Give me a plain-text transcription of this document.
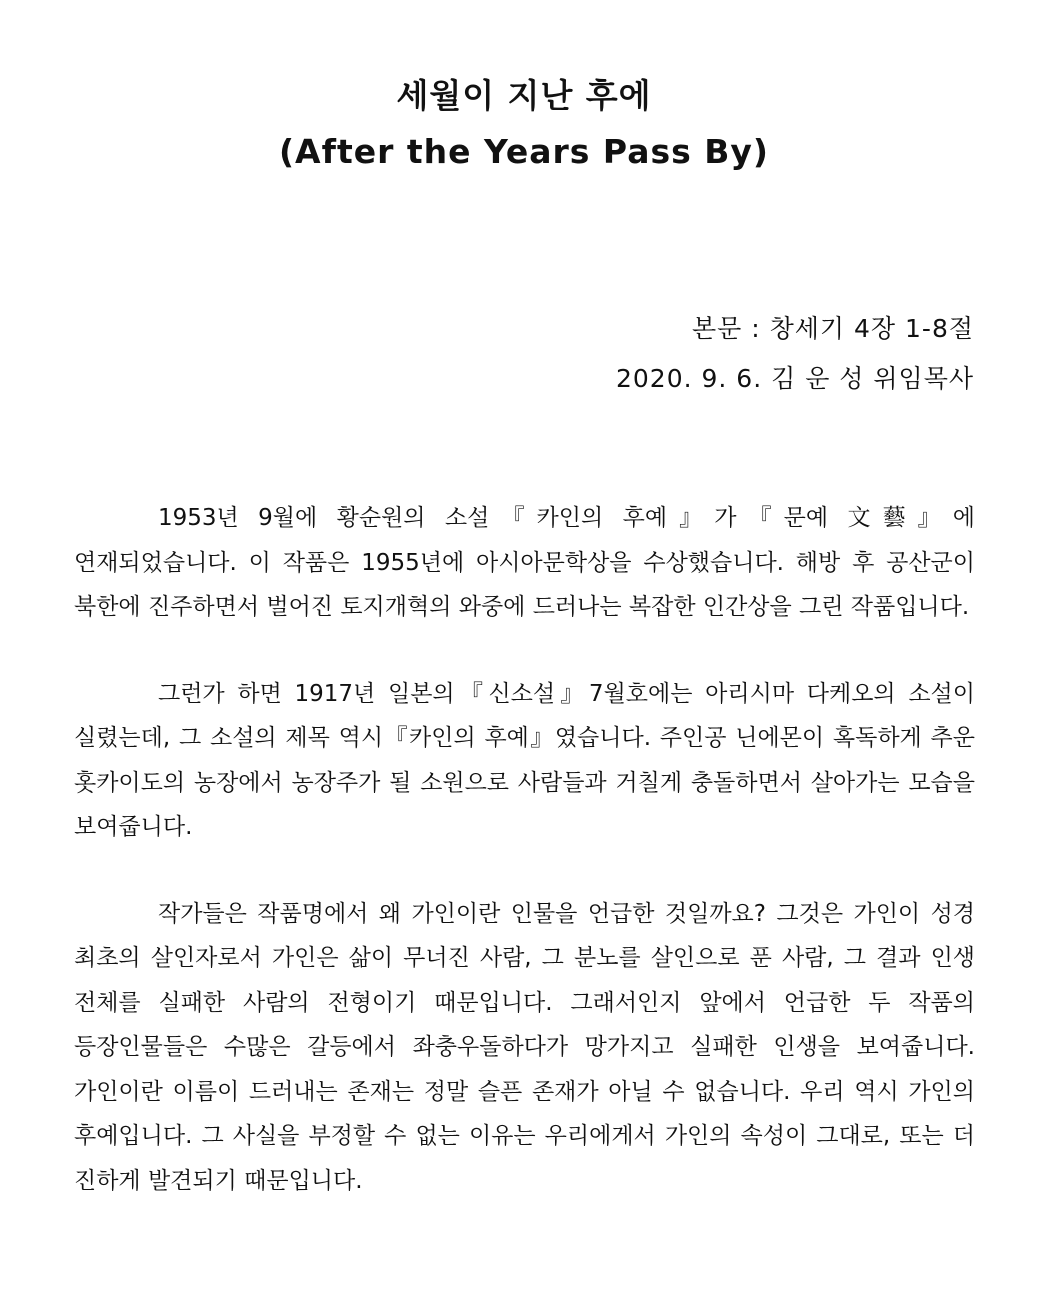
세월이 지난 후에
(After the Years Pass By)
본문 : 창세기 4장 1-8절
2020. 9. 6. 김 운 성 위임목사

1953년 9월에 황순원의 소설『카인의 후예』가『문예 文藝』에 연재되었습니다. 이 작품은 1955년에 아시아문학상을 수상했습니다. 해방 후 공산군이 북한에 진주하면서 벌어진 토지개혁의 와중에 드러나는 복잡한 인간상을 그린 작품입니다.

그런가 하면 1917년 일본의『신소설』7월호에는 아리시마 다케오의 소설이 실렸는데, 그 소설의 제목 역시『카인의 후예』였습니다. 주인공 닌에몬이 혹독하게 추운 홋카이도의 농장에서 농장주가 될 소원으로 사람들과 거칠게 충돌하면서 살아가는 모습을 보여줍니다.

작가들은 작품명에서 왜 가인이란 인물을 언급한 것일까요? 그것은 가인이 성경 최초의 살인자로서 가인은 삶이 무너진 사람, 그 분노를 살인으로 푼 사람, 그 결과 인생 전체를 실패한 사람의 전형이기 때문입니다. 그래서인지 앞에서 언급한 두 작품의 등장인물들은 수많은 갈등에서 좌충우돌하다가 망가지고 실패한 인생을 보여줍니다. 가인이란 이름이 드러내는 존재는 정말 슬픈 존재가 아닐 수 없습니다. 우리 역시 가인의 후예입니다. 그 사실을 부정할 수 없는 이유는 우리에게서 가인의 속성이 그대로, 또는 더 진하게 발견되기 때문입니다.
